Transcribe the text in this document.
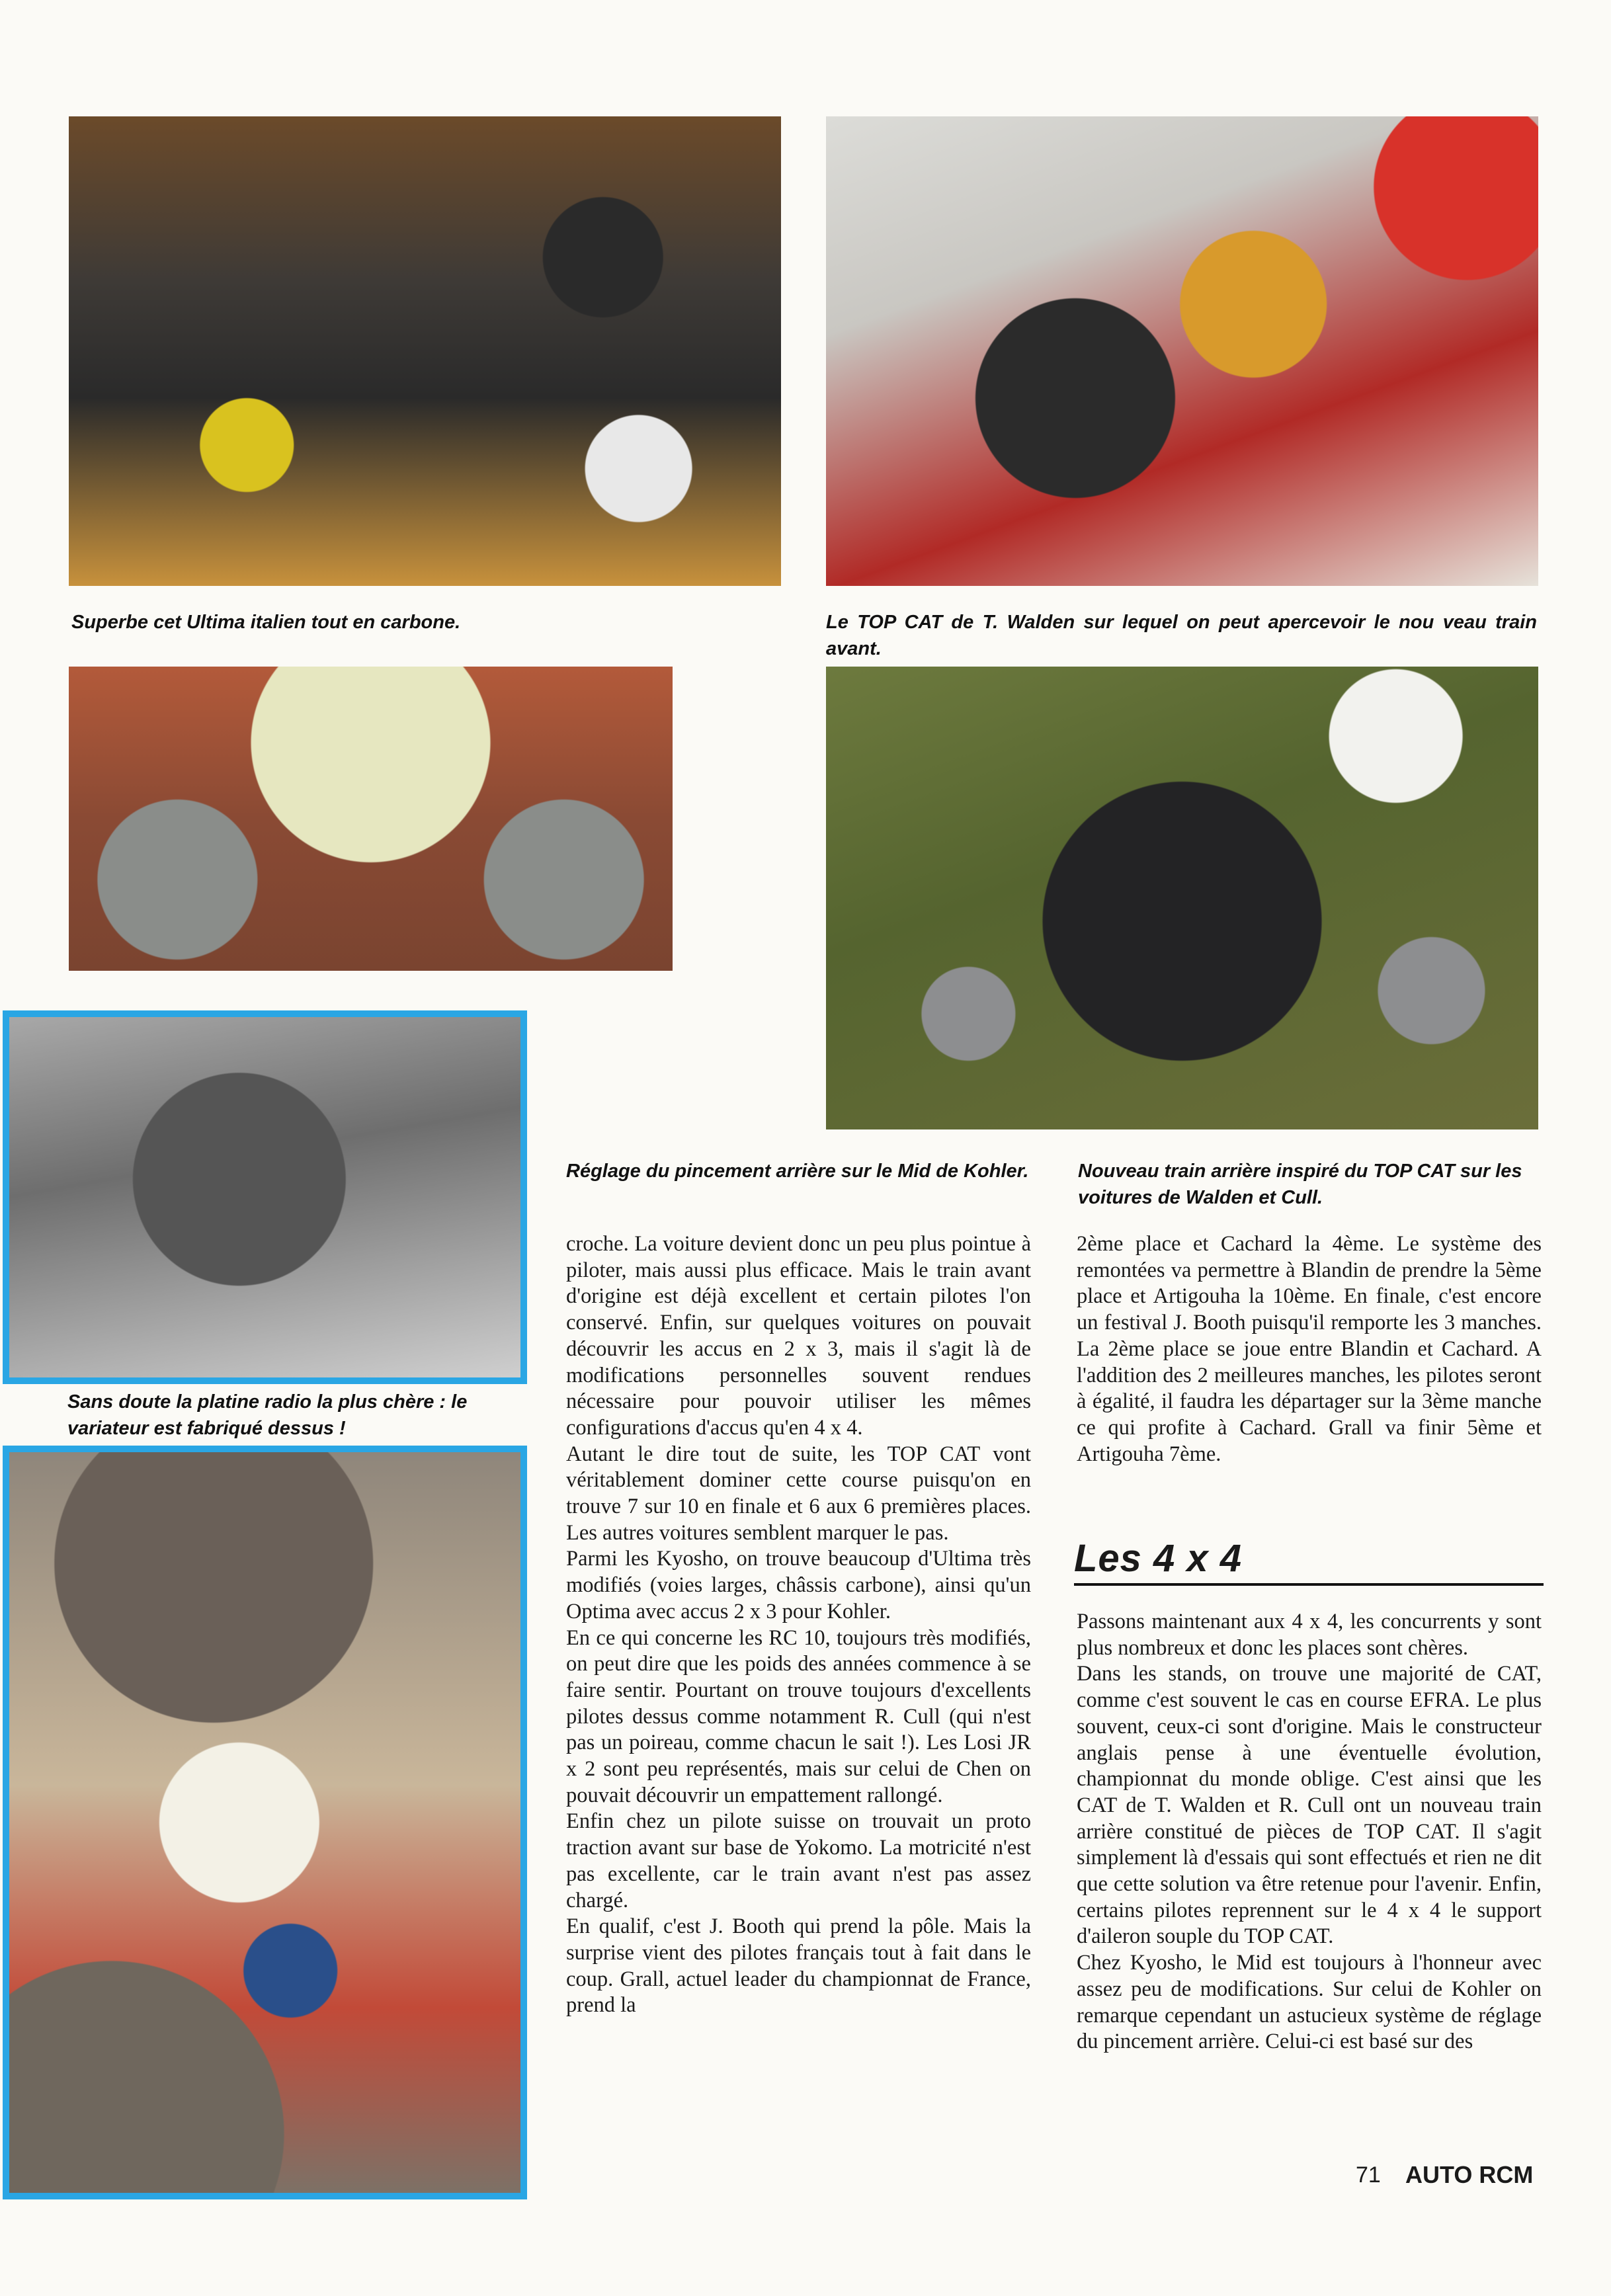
Superbe cet Ultima italien tout en carbone.	Le TOP CAT de T. Walden sur lequel on peut apercevoir le nou veau train avant.
Réglage du pincement arrière sur le Mid de Kohler.	Nouveau train arrière inspiré du TOP CAT sur les voitures de Walden et Cull.
Sans doute la platine radio la plus chère : le variateur est fabriqué dessus !

croche. La voiture devient donc un peu plus pointue à piloter, mais aussi plus efficace. Mais le train avant d'origine est déjà excellent et certain pilotes l'on conservé. Enfin, sur quelques voitures on pouvait découvrir les accus en 2 x 3, mais il s'agit là de modifications personnelles souvent rendues nécessaire pour pouvoir utiliser les mêmes configurations d'accus qu'en 4 x 4.

Autant le dire tout de suite, les TOP CAT vont véritablement dominer cette course puisqu'on en trouve 7 sur 10 en finale et 6 aux 6 premières places. Les autres voitures semblent marquer le pas.

Parmi les Kyosho, on trouve beaucoup d'Ultima très modifiés (voies larges, châssis carbone), ainsi qu'un Optima avec accus 2 x 3 pour Kohler.

En ce qui concerne les RC 10, toujours très modifiés, on peut dire que les poids des années commence à se faire sentir. Pourtant on trouve toujours d'excellents pilotes dessus comme notamment R. Cull (qui n'est pas un poireau, comme chacun le sait !). Les Losi JR x 2 sont peu représentés, mais sur celui de Chen on pouvait découvrir un empattement rallongé.

Enfin chez un pilote suisse on trouvait un proto traction avant sur base de Yokomo. La motricité n'est pas excellente, car le train avant n'est pas assez chargé.

En qualif, c'est J. Booth qui prend la pôle. Mais la surprise vient des pilotes français tout à fait dans le coup. Grall, actuel leader du championnat de France, prend la

2ème place et Cachard la 4ème. Le système des remontées va permettre à Blandin de prendre la 5ème place et Artigouha la 10ème. En finale, c'est encore un festival J. Booth puisqu'il remporte les 3 manches. La 2ème place se joue entre Blandin et Cachard. A l'addition des 2 meilleures manches, les pilotes seront à égalité, il faudra les départager sur la 3ème manche ce qui profite à Cachard. Grall va finir 5ème et Artigouha 7ème.

Les 4 x 4

Passons maintenant aux 4 x 4, les concurrents y sont plus nombreux et donc les places sont chères.

Dans les stands, on trouve une majorité de CAT, comme c'est souvent le cas en course EFRA. Le plus souvent, ceux-ci sont d'origine. Mais le constructeur anglais pense à une éventuelle évolution, championnat du monde oblige. C'est ainsi que les CAT de T. Walden et R. Cull ont un nouveau train arrière constitué de pièces de TOP CAT. Il s'agit simplement là d'essais qui sont effectués et rien ne dit que cette solution va être retenue pour l'avenir. Enfin, certains pilotes reprennent sur le 4 x 4 le support d'aileron souple du TOP CAT.

Chez Kyosho, le Mid est toujours à l'honneur avec assez peu de modifications. Sur celui de Kohler on remarque cependant un astucieux système de réglage du pincement arrière. Celui-ci est basé sur des

71 AUTO RCM
